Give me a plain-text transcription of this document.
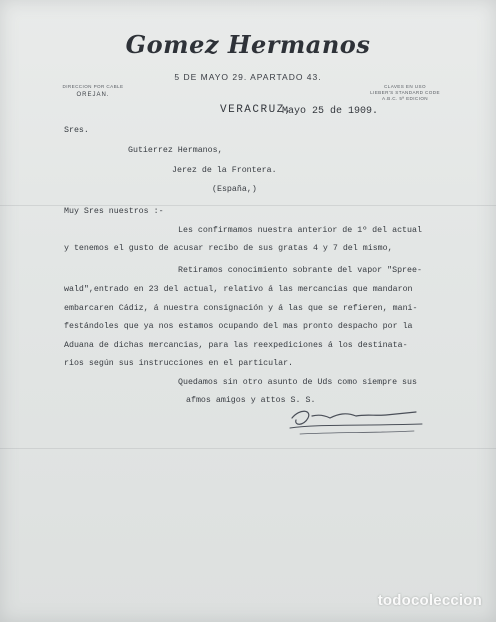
Gomez Hermanos
5 DE MAYO 29. APARTADO 43.
DIRECCION POR CABLE
OREJAN.
CLAVES EN USO
LIEBER'S STANDARD CODE
A.B.C. 5ª EDICION
VERACRUZ,
Mayo 25 de 1909.
Sres.
Gutierrez Hermanos,
Jerez de la Frontera.
(España,)
Muy Sres nuestros :-
Les confirmamos nuestra anterior de 1º del actual
y tenemos el gusto de acusar recibo de sus gratas 4 y 7 del mismo,
Retiramos conocimiento sobrante del vapor "Spree-
wald",entrado en 23 del actual, relativo á las mercancias que mandaron
embarcaren Cádiz, á nuestra consignación y á las que se refieren, mani-
festándoles que ya nos estamos ocupando del mas pronto despacho por la
Aduana de dichas mercancias, para las reexpediciones á los destinata-
rios según sus instrucciones en el particular.
Quedamos sin otro asunto de Uds como siempre sus
afmos amigos y attos S. S.
todocoleccion
